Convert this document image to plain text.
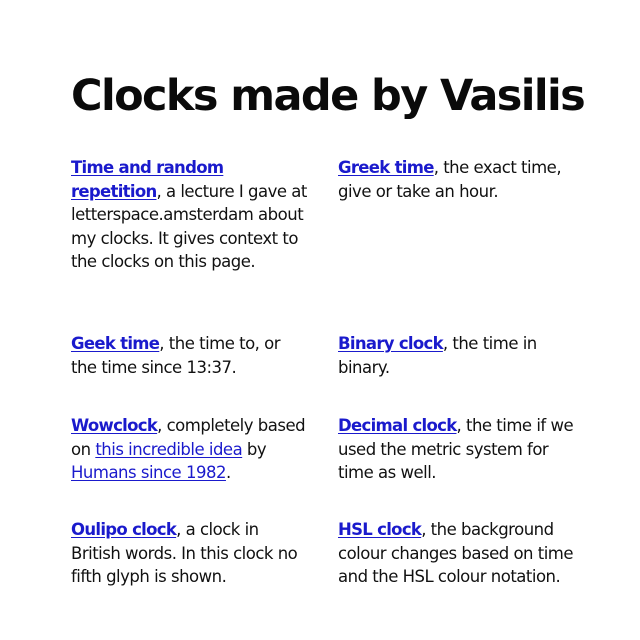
Clocks made by Vasilis
Time and random repetition, a lecture I gave at letterspace.amsterdam about my clocks. It gives context to the clocks on this page.
Greek time, the exact time, give or take an hour.
Geek time, the time to, or the time since 13:37.
Binary clock, the time in binary.
Wowclock, completely based on this incredible idea by Humans since 1982.
Decimal clock, the time if we used the metric system for time as well.
Oulipo clock, a clock in British words. In this clock no fifth glyph is shown.
HSL clock, the background colour changes based on time and the HSL colour notation.
